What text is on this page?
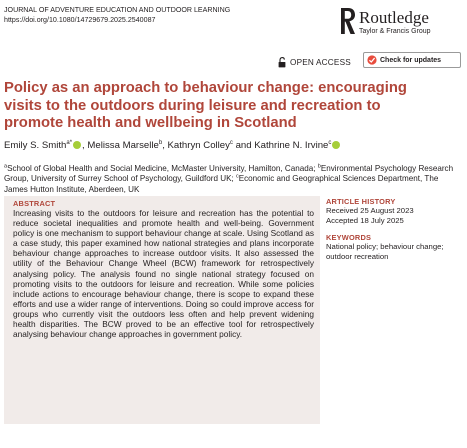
JOURNAL OF ADVENTURE EDUCATION AND OUTDOOR LEARNING
https://doi.org/10.1080/14729679.2025.2540087	Routledge
Taylor & Francis Group
OPEN ACCESS	Check for updates
Policy as an approach to behaviour change: encouraging visits to the outdoors during leisure and recreation to promote health and wellbeing in Scotland
Emily S. Smith$^{a*}$ , Melissa Marselle$^b$, Kathryn Colley$^c$ and Kathrine N. Irvine$^c$

$^a$School of Global Health and Social Medicine, McMaster University, Hamilton, Canada; $^b$Environmental Psychology Research Group, University of Surrey School of Psychology, Guildford UK; $^c$Economic and Geographical Sciences Department, The James Hutton Institute, Aberdeen, UK

ABSTRACT

Increasing visits to the outdoors for leisure and recreation has the potential to reduce societal inequalities and promote health and well-being. Government policy is one mechanism to support behaviour change at scale. Using Scotland as a case study, this paper examined how national strategies and plans incorporate behaviour change approaches to increase outdoor visits. It also assessed the utility of the Behaviour Change Wheel (BCW) framework for retrospectively analysing policy. The analysis found no single national strategy focused on promoting visits to the outdoors for leisure and recreation. While some policies include actions to encourage behaviour change, there is scope to expand these efforts and use a wider range of interventions. Doing so could improve access for groups who currently visit the outdoors less often and help prevent widening health disparities. The BCW proved to be an effective tool for retrospectively analysing behaviour change approaches in government policy.

ARTICLE HISTORY
Received 25 August 2023
Accepted 18 July 2025
KEYWORDS
National policy; behaviour change; outdoor recreation
